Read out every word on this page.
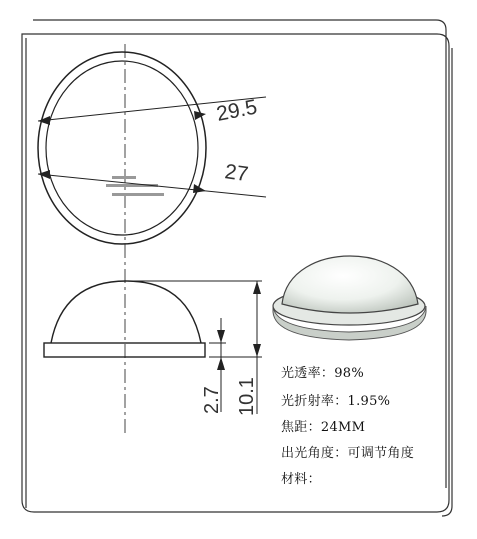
29.5
27
2.7 10.1
光透率：98%
光折射率：1.95%
焦距：24MM
出光角度：可调节角度
材料：
